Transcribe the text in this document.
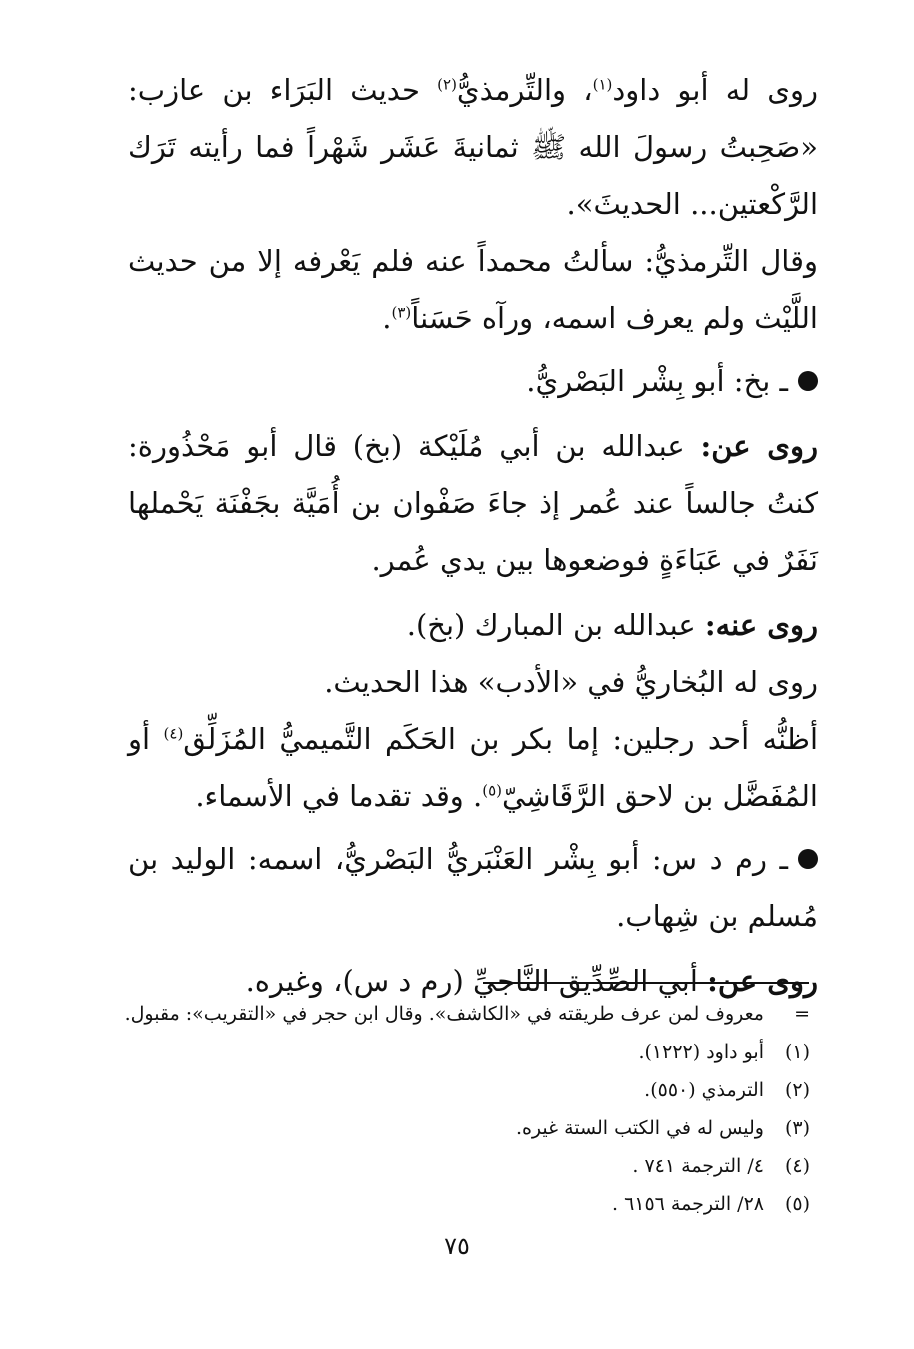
روى له أبو داود$^{(١)}$، والتِّرمذيُّ$^{(٢)}$ حديث البَرَاء بن عازب: «صَحِبتُ رسولَ الله ﷺ ثمانيةَ عَشَر شَهْراً فما رأيته تَرَك الرَّكْعتين... الحديثَ».

وقال التِّرمذيُّ: سألتُ محمداً عنه فلم يَعْرفه إلا من حديث اللَّيْث ولم يعرف اسمه، ورآه حَسَناً$^{(٣)}$.

ـ بخ: أبو بِشْر البَصْريُّ.

روى عن: عبدالله بن أبي مُلَيْكة (بخ) قال أبو مَحْذُورة: كنتُ جالساً عند عُمر إذ جاءَ صَفْوان بن أُمَيَّة بجَفْنَة يَحْملها نَفَرٌ في عَبَاءَةٍ فوضعوها بين يدي عُمر.

روى عنه: عبدالله بن المبارك (بخ).

روى له البُخاريُّ في «الأدب» هذا الحديث.

أظنُّه أحد رجلين: إما بكر بن الحَكَم التَّميميُّ المُزَلِّق$^{(٤)}$ أو المُفَضَّل بن لاحق الرَّقَاشِيّ$^{(٥)}$. وقد تقدما في الأسماء.

ـ رم د س: أبو بِشْر العَنْبَريُّ البَصْريُّ، اسمه: الوليد بن مُسلم بن شِهاب.

روى عن: أبي الصِّدِّيق النَّاجيِّ (رم د س)، وغيره.

=معروف لمن عرف طريقته في «الكاشف». وقال ابن حجر في «التقريب»: مقبول.

(١)أبو داود (١٢٢٢).

(٢)الترمذي (٥٥٠).

(٣)وليس له في الكتب الستة غيره.

(٤)٤/ الترجمة ٧٤١ .

(٥)٢٨/ الترجمة ٦١٥٦ .

٧٥
